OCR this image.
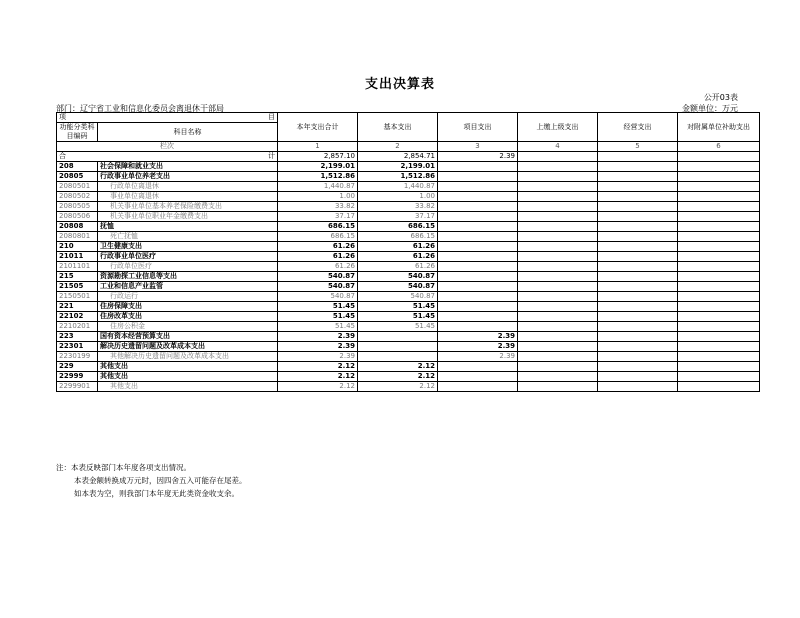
支出决算表
公开03表
部门：辽宁省工业和信息化委员会离退休干部局	金额单位：万元
项 目		本年支出合计	基本支出	项目支出	上缴上级支出	经营支出	对附属单位补助支出
功能分类科目编码	科目名称						
栏次		1	2	3	4	5	6

合 计		2,857.10	2,854.71	2.39			
208	社会保障和就业支出	2,199.01	2,199.01				
20805	行政事业单位养老支出	1,512.86	1,512.86				
2080501	行政单位离退休	1,440.87	1,440.87				
2080502	事业单位离退休	1.00	1.00				
2080505	机关事业单位基本养老保险缴费支出	33.82	33.82				
2080506	机关事业单位职业年金缴费支出	37.17	37.17				
20808	抚恤	686.15	686.15				
2080801	死亡抚恤	686.15	686.15				
210	卫生健康支出	61.26	61.26				
21011	行政事业单位医疗	61.26	61.26				
2101101	行政单位医疗	61.26	61.26				
215	资源勘探工业信息等支出	540.87	540.87				
21505	工业和信息产业监管	540.87	540.87				
2150501	行政运行	540.87	540.87				
221	住房保障支出	51.45	51.45				
22102	住房改革支出	51.45	51.45				
2210201	住房公积金	51.45	51.45				
223	国有资本经营预算支出	2.39		2.39			
22301	解决历史遗留问题及改革成本支出	2.39		2.39			
2230199	其他解决历史遗留问题及改革成本支出	2.39		2.39			
229	其他支出	2.12	2.12				
22999	其他支出	2.12	2.12				
2299901	其他支出	2.12	2.12				
注：本表反映部门本年度各项支出情况。
本表金额转换成万元时，因四舍五入可能存在尾差。
如本表为空，则我部门本年度无此类资金收支余。
